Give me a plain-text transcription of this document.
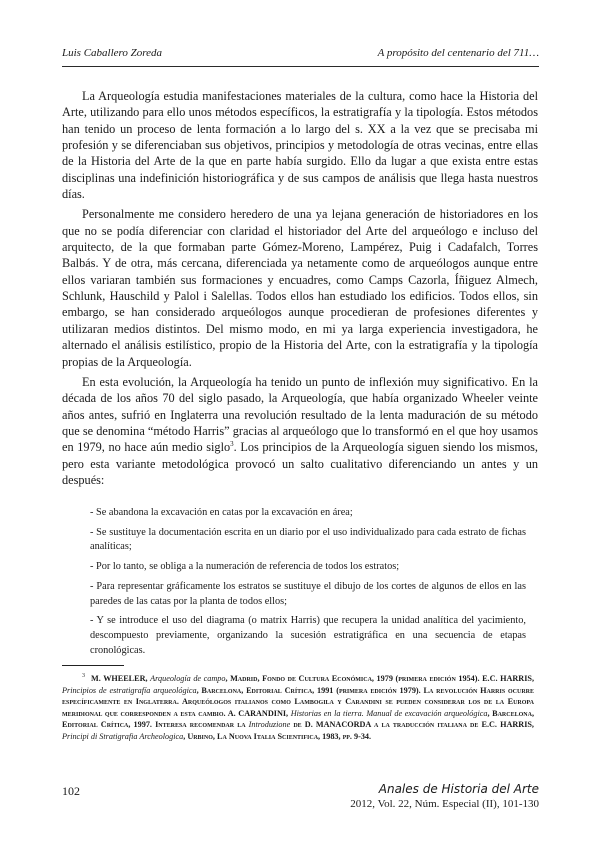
Luis Caballero Zoreda	A propósito del centenario del 711…

La Arqueología estudia manifestaciones materiales de la cultura, como hace la Historia del Arte, utilizando para ello unos métodos específicos, la estratigrafía y la tipología. Estos métodos han tenido un proceso de lenta formación a lo largo del s. XX a la vez que se precisaba mi profesión y se diferenciaban sus objetivos, principios y metodología de otras vecinas, entre ellas de la Historia del Arte de la que en parte había surgido. Ello da lugar a que exista entre estas disciplinas una indefinición historiográfica y de sus campos de análisis que llega hasta nuestros días.

Personalmente me considero heredero de una ya lejana generación de historiadores en los que no se podía diferenciar con claridad el historiador del Arte del arqueólogo e incluso del arquitecto, de la que formaban parte Gómez-Moreno, Lampérez, Puig i Cadafalch, Torres Balbás. Y de otra, más cercana, diferenciada ya netamente como de arqueólogos aunque entre ellos variaran también sus formaciones y encuadres, como Camps Cazorla, Íñiguez Almech, Schlunk, Hauschild y Palol i Salellas. Todos ellos han estudiado los edificios. Todos ellos, sin embargo, se han considerado arqueólogos aunque procedieran de profesiones diferentes y utilizaran medios distintos. Del mismo modo, en mi ya larga experiencia investigadora, he alternado el análisis estilístico, propio de la Historia del Arte, con la estratigrafía y la tipología propias de la Arqueología.

En esta evolución, la Arqueología ha tenido un punto de inflexión muy significativo. En la década de los años 70 del siglo pasado, la Arqueología, que había organizado Wheeler veinte años antes, sufrió en Inglaterra una revolución resultado de la lenta maduración de su método que se denomina “método Harris” gracias al arqueólogo que lo transformó en el que hoy usamos en 1979, no hace aún medio siglo$^3$. Los principios de la Arqueología siguen siendo los mismos, pero esta variante metodológica provocó un salto cualitativo diferenciando un antes y un después:

- Se abandona la excavación en catas por la excavación en área;
- Se sustituye la documentación escrita en un diario por el uso individualizado para cada estrato de fichas analíticas;
- Por lo tanto, se obliga a la numeración de referencia de todos los estratos;
- Para representar gráficamente los estratos se sustituye el dibujo de los cortes de algunos de ellos en las paredes de las catas por la planta de todos ellos;
- Y se introduce el uso del diagrama (o matrix Harris) que recupera la unidad analítica del yacimiento, descompuesto previamente, organizando la sucesión estratigráfica en una secuencia de etapas cronológicas.
$^3$ M. WHEELER, Arqueología de campo, Madrid, Fondo de Cultura Económica, 1979 (primera edición 1954). E.C. HARRIS, Principios de estratigrafía arqueológica, Barcelona, Editorial Crítica, 1991 (primera edición 1979). La revolución Harris ocurre específicamente en Inglaterra. Arqueólogos italianos como Lambogila y Carandini se pueden considerar los de la Europa meridional que corresponden a esta cambio. A. CARANDINI, Historias en la tierra. Manual de excavación arqueológica, Barcelona, Editorial Crítica, 1997. Interesa recomendar la Introduzione de D. MANACORDA a la traducción italiana de E.C. HARRIS, Principi di Stratigrafia Archeologica, Urbino, La Nuova Italia Scientifica, 1983, pp. 9-34.
102	Anales de Historia del Arte
2012, Vol. 22, Núm. Especial (II), 101-130
